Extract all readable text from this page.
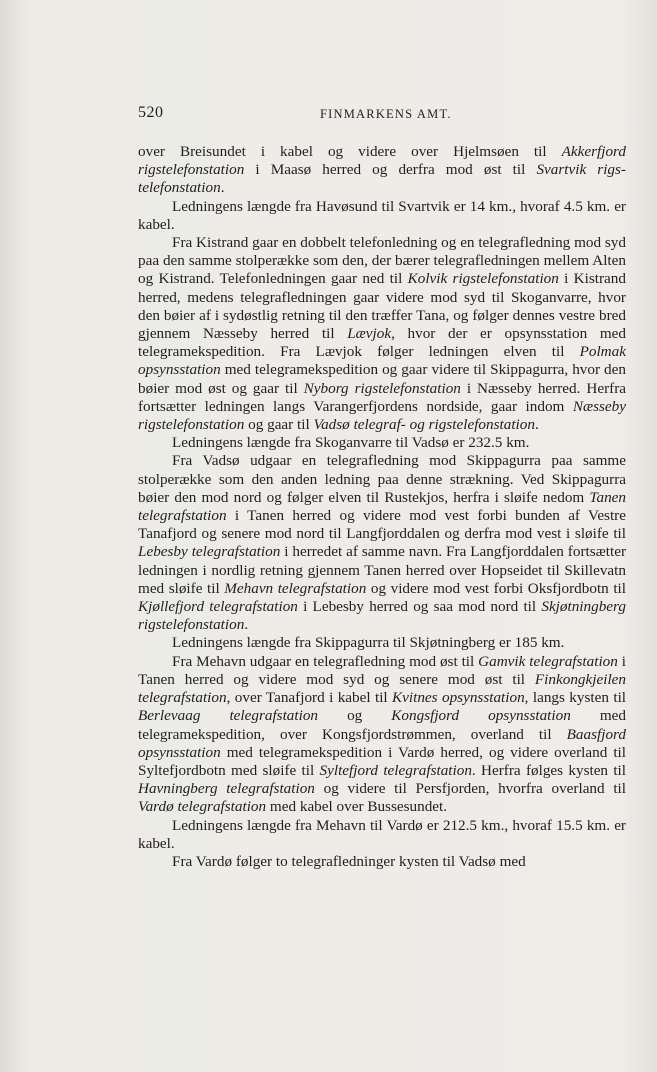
520	FINMARKENS AMT.

over Breisundet i kabel og videre over Hjelmsøen til Akkerfjord rigstelefonstation i Maasø herred og derfra mod øst til Svartvik rigstelefonstation.

Ledningens længde fra Havøsund til Svartvik er 14 km., hvoraf 4.5 km. er kabel.

Fra Kistrand gaar en dobbelt telefonledning og en telegrafledning mod syd paa den samme stolperække som den, der bærer telegrafledningen mellem Alten og Kistrand. Telefonledningen gaar ned til Kolvik rigstelefonstation i Kistrand herred, medens telegrafledningen gaar videre mod syd til Skoganvarre, hvor den bøier af i sydøstlig retning til den træffer Tana, og følger dennes vestre bred gjennem Næsseby herred til Lævjok, hvor der er opsynsstation med telegramekspedition. Fra Lævjok følger ledningen elven til Polmak opsynsstation med telegramekspedition og gaar videre til Skippagurra, hvor den bøier mod øst og gaar til Nyborg rigstelefonstation i Næsseby herred. Herfra fortsætter ledningen langs Varangerfjordens nordside, gaar indom Næsseby rigstelefonstation og gaar til Vadsø telegraf- og rigstelefonstation.

Ledningens længde fra Skoganvarre til Vadsø er 232.5 km.

Fra Vadsø udgaar en telegrafledning mod Skippagurra paa samme stolperække som den anden ledning paa denne strækning. Ved Skippagurra bøier den mod nord og følger elven til Rustekjos, herfra i sløife nedom Tanen telegrafstation i Tanen herred og videre mod vest forbi bunden af Vestre Tanafjord og senere mod nord til Langfjorddalen og derfra mod vest i sløife til Lebesby telegrafstation i herredet af samme navn. Fra Langfjorddalen fortsætter ledningen i nordlig retning gjennem Tanen herred over Hopseidet til Skillevatn med sløife til Mehavn telegrafstation og videre mod vest forbi Oksfjordbotn til Kjøllefjord telegrafstation i Lebesby herred og saa mod nord til Skjøtningberg rigstelefonstation.

Ledningens længde fra Skippagurra til Skjøtningberg er 185 km.

Fra Mehavn udgaar en telegrafledning mod øst til Gamvik telegrafstation i Tanen herred og videre mod syd og senere mod øst til Finkongkjeilen telegrafstation, over Tanafjord i kabel til Kvitnes opsynsstation, langs kysten til Berlevaag telegrafstation og Kongsfjord opsynsstation med telegramekspedition, over Kongsfjordstrømmen, overland til Baasfjord opsynsstation med telegramekspedition i Vardø herred, og videre overland til Syltefjordbotn med sløife til Syltefjord telegrafstation. Herfra følges kysten til Havningberg telegrafstation og videre til Persfjorden, hvorfra overland til Vardø telegrafstation med kabel over Bussesundet.

Ledningens længde fra Mehavn til Vardø er 212.5 km., hvoraf 15.5 km. er kabel.

Fra Vardø følger to telegrafledninger kysten til Vadsø med
